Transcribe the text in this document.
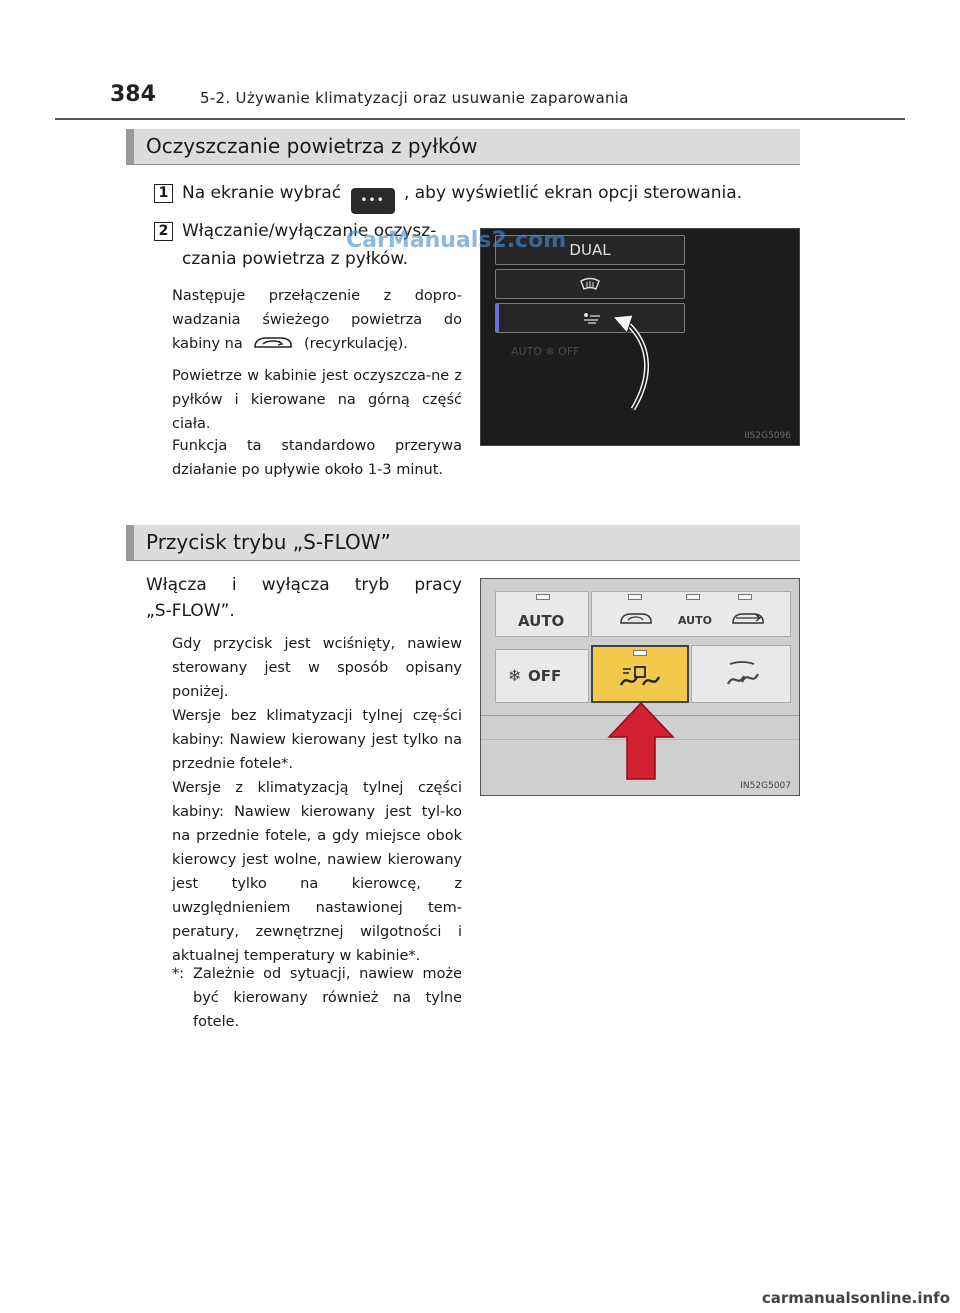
384	5-2. Używanie klimatyzacji oraz usuwanie zaparowania
Oczyszczanie powietrza z pyłków
1 Na ekranie wybrać ••• , aby wyświetlić ekran opcji sterowania.
2 Włączanie/wyłączanie oczysz-
czania powietrza z pyłków.
Następuje przełączenie z dopro-wadzania świeżego powietrza do kabiny na	(recyrkulację).
Powietrze w kabinie jest oczyszcza-ne z pyłków i kierowane na górną część ciała.
Funkcja ta standardowo przerywa działanie po upływie około 1-3 minut.
DUAL
AUTO ❄ OFF
IIS2G5096
Przycisk trybu „S-FLOW”
Włącza i wyłącza tryb pracy
„S-FLOW”.
Gdy przycisk jest wciśnięty, nawiew sterowany jest w sposób opisany poniżej.
Wersje bez klimatyzacji tylnej czę-ści kabiny: Nawiew kierowany jest tylko na przednie fotele*.
Wersje z klimatyzacją tylnej części kabiny: Nawiew kierowany jest tyl-ko na przednie fotele, a gdy miejsce obok kierowcy jest wolne, nawiew kierowany jest tylko na kierowcę, z uwzględnieniem nastawionej tem-peratury, zewnętrznej wilgotności i aktualnej temperatury w kabinie*.
*: Zależnie od sytuacji, nawiew może być kierowany również na tylne fotele.
AUTO	AUTO
❄ OFF
IN52G5007
CarManuals2.com
carmanualsonline.info
